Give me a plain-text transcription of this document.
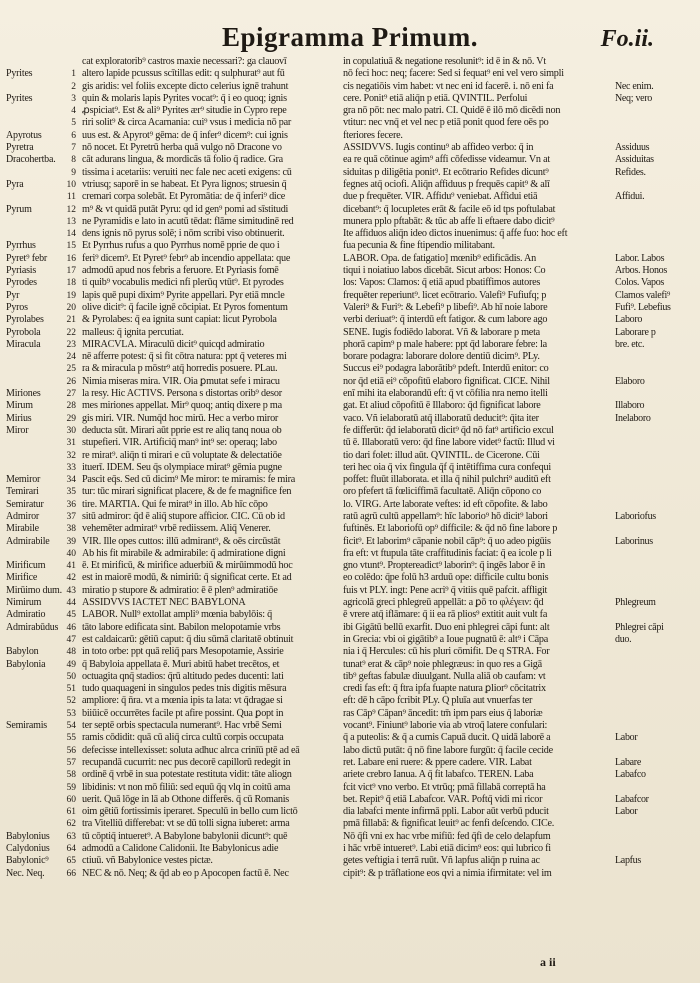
Epigramma Primum.	Fo.ii.
cat exploratorib⁹ castros maxie necessari?: ga clauovī
Pyrites	1 altero lapide pcussus scītillas edit: q sulphurat⁹ aut fū
2 gis aridis: vel foliis excepte dicto celerius ignē trahunt
Pyrites	3 quin & molaris lapis Pyrites vocat⁹: q̄ i eo quoq; ignis
4 ꝓspiciat⁹. Est & ali⁹ Pyrites ær⁹ situdie in Cypro repe
5 riri solit⁹ & circa Acarnania: cui⁹ vsus i medicia nō par
Apyrotus	6 uus est. & Apyrot⁹ gēma: de q̄ infer⁹ dicem⁹: cui ignis
Pyretra	7 nō nocet. Et Pyretrū herba quā vulgo nō Dracone vo
Dracohertba.	8 cāt adurans lingua, & mordicās tā folio q̄ radice. Gra
9 tissima i acetariis: veruiti nec fale nec aceti exigens: cū
Pyra	10 vtriusq; saporē in se habeat. Et Pyra lignos; struesin q̄
11 cremari corpa solebāt. Et Pyromātia: de q̄ inferi⁹ dice
Pyrum	12 m⁹ & vt quidā putāt Pyru: qd id gen⁹ pomi ad sīstitudi
13 ne Pyramidis e lato in acutū tēdat: flāme simitudinē red
14 dens ignis nō pyrus solē; i nōm scribi viso obtinuerit.
Pyrrhus	15 Et Pyrrhus rufus a quo Pyrrhus nomē pprie de quo i
Pyret⁹ febr	16 feri⁹ dicem⁹. Et Pyret⁹ febr⁹ ab incendio appellata: que
Pyriasis	17 admodū apud nos febris a feruore. Et Pyriasis fomē
Pyrodes	18 ti quib⁹ vocabulis medici nfi plerūq vtūt⁹. Et pyrodes
Pyr	19 lapis quē pupi dixim⁹ Pyrite appellari. Pyr etiā mncle
Pyros	20 olive dicit⁹: q̄ facile ignē cōcipiat. Et Pyros fomentum
Pyrolabes	21 & Pyrolabes: q̄ ea ignita sunt capiat: licut Pyrobola
Pyrobola	22 malleus: q̄ ignita percutiat.
Miracula	23 MIRACVLA. Miraculū dicit⁹ quicqd admiratio
24 nē afferre potest: q̄ si fit cōtra natura: ppt q̄ veteres mi
25 ra & miracula p mōstr⁹ atq̄ horredis posuere. PLau.
26 Nimia miseras mira. VIR. Oia ꝑmutat sefe i miracu
Miriones	27 la resy. Hic ACTIVS. Persona s distortas orib⁹ desor
Mirum	28 mes miriones appellat. Mir⁹ quoq; antiq dixere p ma
Mirius	29 gis miri. VIR. Numq̄d hoc mirū. Hec a verbo miror
Miror	30 deducta sūt. Mirari aūt pprie est re aliq tanq noua ob
31 stupefieri. VIR. Artificiq̄ man⁹ int⁹ se: operaq; labo
32 re mirat⁹. aliq̄n ti mirari e cū voluptate & delectatiōe
33 ituerī. IDEM. Seu q̄s olympiace mirat⁹ gēmia pugne
Memiror	34 Pascit eq̄s. Sed cū dicim⁹ Me miror: te miramis: fe mira
Temirari	35 tur: tūc mirari significat placere, & de fe magnifice fen
Semiratur	36 tire. MARTIA. Q̄ui fe mirat⁹ in illo. Ab hīc cōpo
Admiror	37 sitū admiror: q̄d ē aliq̄ stupore afficior. CIC. Cū ob id
Mirabile	38 vehemēter admirat⁹ vrbē rediissem. Aliq̄ Venerer.
Admirabile	39 VIR. Ille opes cuttos: illū admirant⁹, & oēs circūstāt
40 Ab his fit mirabile & admirabile: q̄ admiratione digni
Mirificum	41 ē. Et mirificū, & mirifice aduerbiū & mirūimmodū hoc
Mirifice	42 est in maiorē modū, & nimiriū: q̄ significat certe. Et ad
Mirūimo dum. 43 miratio p stupore & admiratio: ē ē plen⁹ admiratiōe
Nimirum	44 ASSIDVVS IACTET NEC BABYLONA
Admiratio	45 LABOR. Null⁹ extollat ampli⁹ mœnia babylōis: q̄
Admirabūdus 46 tāto labore edificata sint. Babilon melopotamie vrbs
47 est caldaicarū: gētiū caput: q̄ diu sūmā claritatē obtinuit
Babylon	48 in toto orbe: ppt quā reliq̄ pars Mesopotamie, Assirie
Babylonia	49 q̄ Babyloia appellata ē. Muri abitū habet trecētos, et
50 octuagita qnq̄ stadios: q̄rū altitudo pedes ducenti: lati
51 tudo quaquageni in singulos pedes tnis digitis mēsura
52 ampliore: q̄ n̄ra. vt a mœnia ipis ta lata: vt q̄dragae si
53 biiūicē occurrētes facile pt afire possint. Q̄ua ꝑopt in
Semiramis	54 ter septē orbis spectacula numerant⁹. Hac vrbē Semi
55 ramis cōdidit: quā cū aliq̄ circa cultū corpis occupata
56 defecisse intellexisset: soluta adhuc alrca crinīū ptē ad eā
57 recupandā cucurrit: nec pus decorē capillorū redegit in
58 ordinē q̄ vrbē in sua potestate restituta vidit: tāte aliogn
59 libidinis: vt non mō filiū: sed equū q̄q vlq in coitū ama
60 uerit. Q̄uā lōge in lā ab Othone differēs. q̄ cū Romanis
61 oim gētiū fortissimis iperaret. Speculū in bello cum lictō
62 tra Vitelliū differebat: vt se dū tolli signa iuberet: arma
Babylonius	63 tū cōptiq̄ intueret⁹. A Babylone babylonii dicunt⁹: quē
Calydonius	64 admodū a Calidone Calidonii. Ite Babylonicus adie
Babylonic⁹	65 ctiuū. vñ Babylonice vestes pictæ.
Nec. Neq.	66 NEC & nō. Neq; & q̄d ab eo p Apocopen factū ē. Nec
in copulatiuā & negatione resolunit⁹: id ē in & nō. Vt
nō feci hoc: neq; facere: Sed si fequat⁹ eni vel vero simpli
cis negatiōis vim habet: vt nec eni id facerē. i. nō eni fa	Nec enim.
cere. Ponit⁹ etiā aliq̄n p etiā. Q̄VINTIL. Perfolui	Neq; vero
gra nō pōt: nec malo patri. CI. Q̄uidē ē ilō mō dicēdi non
vtitur: nec vnq̄ et vel nec p etiā ponit quod fere oēs po
fteriores fecere.
ASSIDVVS. Iugis continu⁹ ab affideo verbo: q̄ in	Assiduus
ea re quā cōtinue agim⁹ affi cōfedisse videamur. Vn at	Assiduitas
siduitas p diligētia ponit⁹. Et ecōtrario Refides dicunt⁹	Refides.
fegnes atq̄ ociofi. Aliq̄n affiduus p frequēs capit⁹ & alī
due p frequēter. VIR. Affidu⁹ veniebat. Affidui etiā	Affidui.
dicebant⁹: q̄ locupletes erāt & facile eō id tps poftulabat
munera pplo pftabāt: & tūc ab affe li eftaere dabo dicit⁹
Ite affiduos aliq̄n ideo dictos inuenimus: q̄ affe fuo: hoc eft
fua pecunia & fine ftipendio militabant.
LABOR. Opa. de fatigatio] mœnib⁹ edificādis. An	Labor. Labos
tiqui i noiatiuo labos dicebāt. Sicut arbos: Honos: Co	Arbos. Honos
los: Vapos: Clamos: q̄ etiā apud pbatiffimos autores	Colos. Vapos
frequēter reperiunt⁹. licet ecōtrario. Valefi⁹ Fufiufq; p	Clamos valefi⁹
Valeri⁹ & Furi⁹: & Lebefi⁹ p libefi⁹. Ab hī noie labore	Fufi⁹. Lebefius
verbi deriuat⁹: q̄ interdū eft fatigor. & cum labore ago	Laboro
SENE. Iugis fodiēdo laborat. Vñ & laborare p meta	Laborare p
phorā capim⁹ p male habere: ppt q̄d laborare febre: la	bre. etc.
borare podagra: laborare dolore dentiū dicim⁹. PLy.
Succus ei⁹ podagra laborātib⁹ pdeft. Interdū enitor: co
nor q̄d etiā ei⁹ cōpofitū elaboro fignificat. CICE. Nihil	Elaboro
enī mihi ita elaborandū eft: q̄ vt cōfilia nra nemo itelli
gat. Et aliud cōpofitū ē Illaboro: q̄d fignificat labore	Illaboro
vaco. Vñ ielaboratū atq̄ illaboratū deducit⁹: q̄ita iter	Inelaboro
fe differūt: q̄d ielaboratū dicit⁹ q̄d nō fat⁹ artificio excul
tū ē. Illaboratū vero: q̄d fine labore videt⁹ factū: Illud vi
tio dari folet: illud aūt. Q̄VINTIL. de Cicerone. Cūi
teri hec oia q̄ vix fingula q̄f q̄ intētiffima cura confequi
poffet: fluūt illaborata. et illa q̄ nihil pulchri⁹ auditū eft
oro pfefert tā fœliciffimā facultatē. Aliq̄n cōpono co
lo. VIRG. Arte laborate veftes: id eft cōpofite. & labo
ratū agrū cultū appellam⁹: hīc laborio⁹ hō dicit⁹ labori	Laboriofus
fuftinēs. Et laboriofū op⁹ difficile: & q̄d nō fine labore p
ficit⁹. Et laborim⁹ cāpanie nobil cāp⁹: q̄ uo adeo pigūis	Laborinus
fra eft: vt ftupula tāte craffitudinis faciat: q̄ ea icole p li
gno vtunt⁹. Proptereadict⁹ laborin⁹: q̄ ingēs labor ē in
eo colēdo: q̄pe folū h3 arduū ope: difficile cultu bonis
fuis vt PLY. ingt: Pene acri⁹ q̄ vitiis quē pafcit. affligit
agricolā greci phlegreū appellāt: a ꝑō το φλέγειν: q̄d	Phlegreum
ē vrere atq̄ iflāmare: q̄ ii ea rā plios⁹ extitit auit vult fa
ibi Gigātū bellū exarfit. Duo eni phlegrei cāpi funt: alt	Phlegrei cāpi
in Grecia: vbi oi gigātib⁹ a Ioue pugnatū ē: alt⁹ i Cāpa	duo.
nia i q̄ Hercules: cū his pluri cōmifit. De q STRA. For
tunat⁹ erat & cāp⁹ noie phlegræus: in quo res a Gigā
tib⁹ geftas fabulæ diuulgant. Nulla aliā ob caufam: vt
credi fas eft: q̄ ftra ipfa fuapte natura ꝑlior⁹ cōcitatrix
eft: dē h cāpo fcribit PLy. Q̄ pluīa aut vnuerfas ter
ras Cāp⁹ Cāpan⁹ āncedit: tm̄ ipm pars eius q̄ laboriæ
vocant⁹. Finiunt⁹ laborie via ab vtroq̄ latere confulari:
q̄ a puteolis: & q̄ a cumis Capuā ducit. Q̄ uidā laborē a	Labor
labo dictū putāt: q̄ nō fine labore furgūt: q̄ facile cecide
ret. Labare eni ruere: & ppere cadere. VIR. Labat	Labare
ariete crebro Ianua. A q̄ fit labafco. TEREN. Laba	Labafco
fcit vict⁹ vno verbo. Et vtrūq; pmā fillabā correptā ha
bet. Repit⁹ q̄ etiā Labafcor. VAR. Poftq̄ vidi mi ricor	Labafcor
dia labafci mente infirmā ppli. Labor aūt verbū pducit	Labor
pmā fillabā: & fignificat leuit⁹ ac fenfi deſcendo. CICe.
Nō q̄fi vni ex hac vrbe mifiū: fed q̄fi de celo delapfum
i hāc vrbē intueret⁹. Labi etiā dicim⁹ eos: qui lubrico fi
getes veftigia i terrā ruūt. Vñ lapfus aliq̄n p ruina ac	Lapfus
cipit⁹: & p trāflatione eos qvi a nimia ifirmitate: vel im
a ii
